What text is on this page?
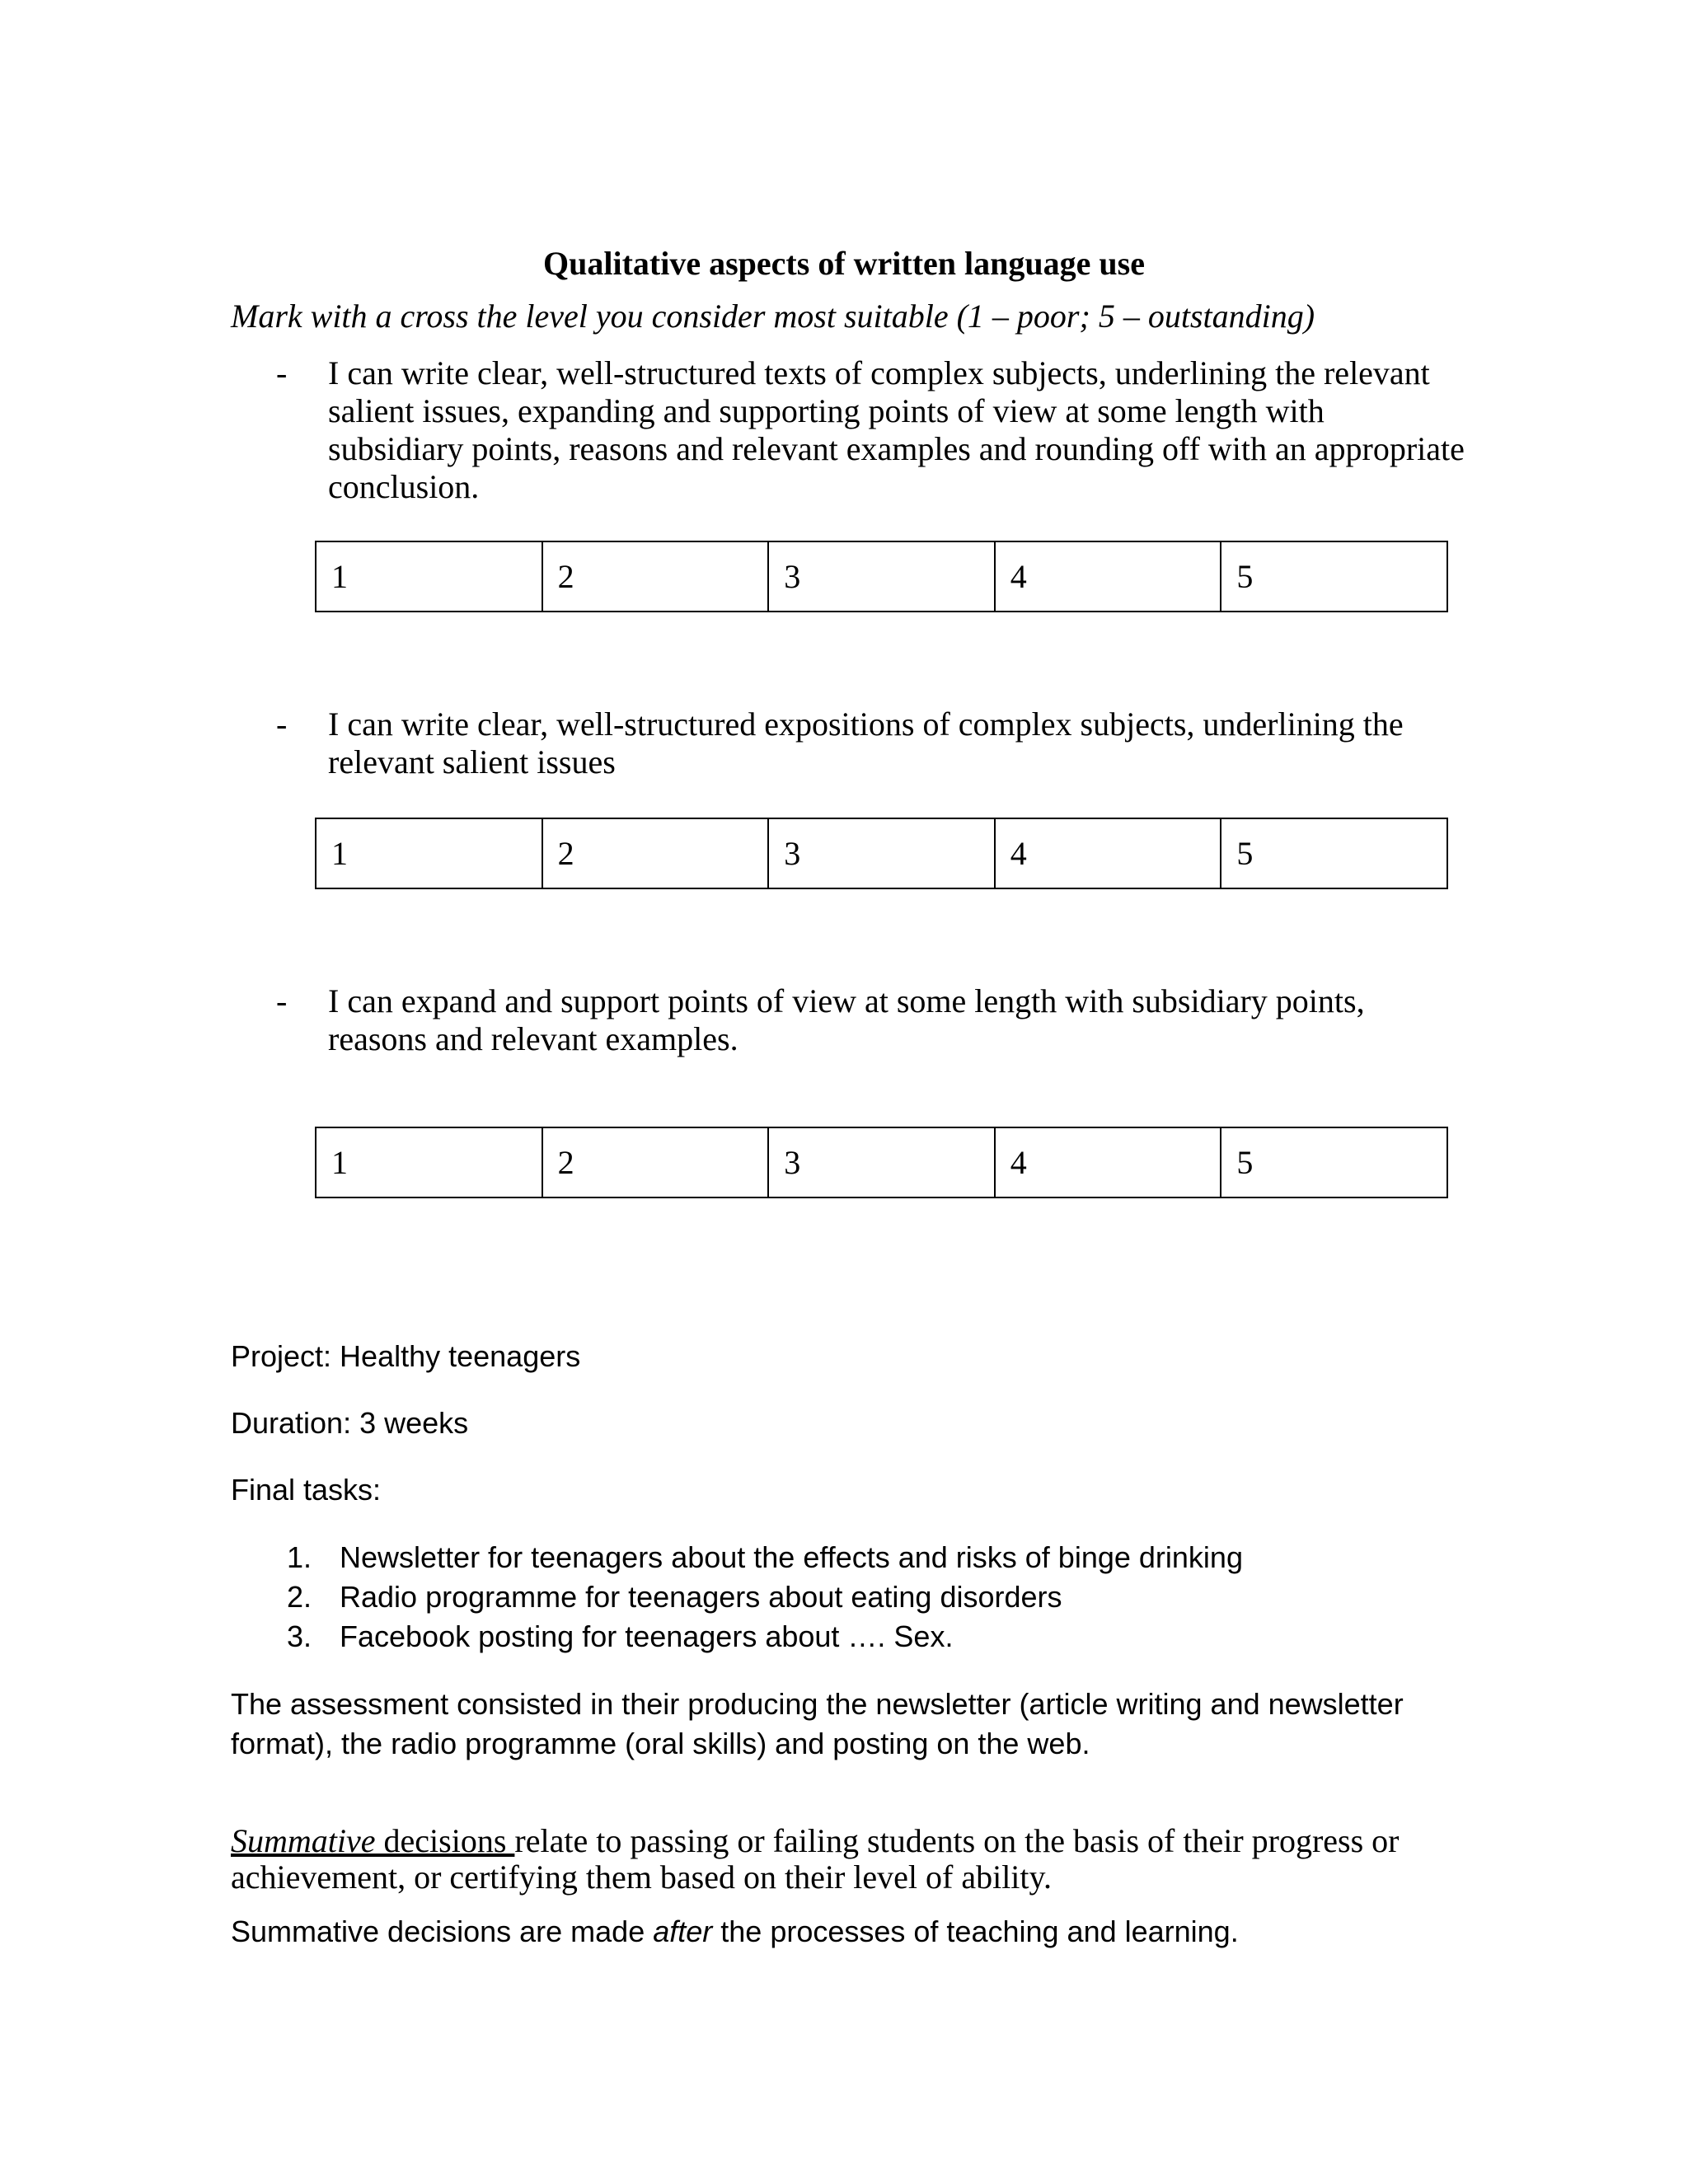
Qualitative aspects of written language use
Mark with a cross the level you consider most suitable (1 – poor; 5 – outstanding)
- I can write clear, well-structured texts of complex subjects, underlining the relevant salient issues, expanding and supporting points of view at some length with subsidiary points, reasons and relevant examples and rounding off with an appropriate conclusion.
1	2	3	4	5
- I can write clear, well-structured expositions of complex subjects, underlining the relevant salient issues
1	2	3	4	5
- I can expand and support points of view at some length with subsidiary points, reasons and relevant examples.
1	2	3	4	5
Project: Healthy teenagers
Duration: 3 weeks
Final tasks:
1. Newsletter for teenagers about the effects and risks of binge drinking
2. Radio programme for teenagers about eating disorders
3. Facebook posting for teenagers about …. Sex.
The assessment consisted in their producing the newsletter (article writing and newsletter format), the radio programme (oral skills) and posting on the web.
Summative decisions relate to passing or failing students on the basis of their progress or achievement, or certifying them based on their level of ability.
Summative decisions are made after the processes of teaching and learning.
